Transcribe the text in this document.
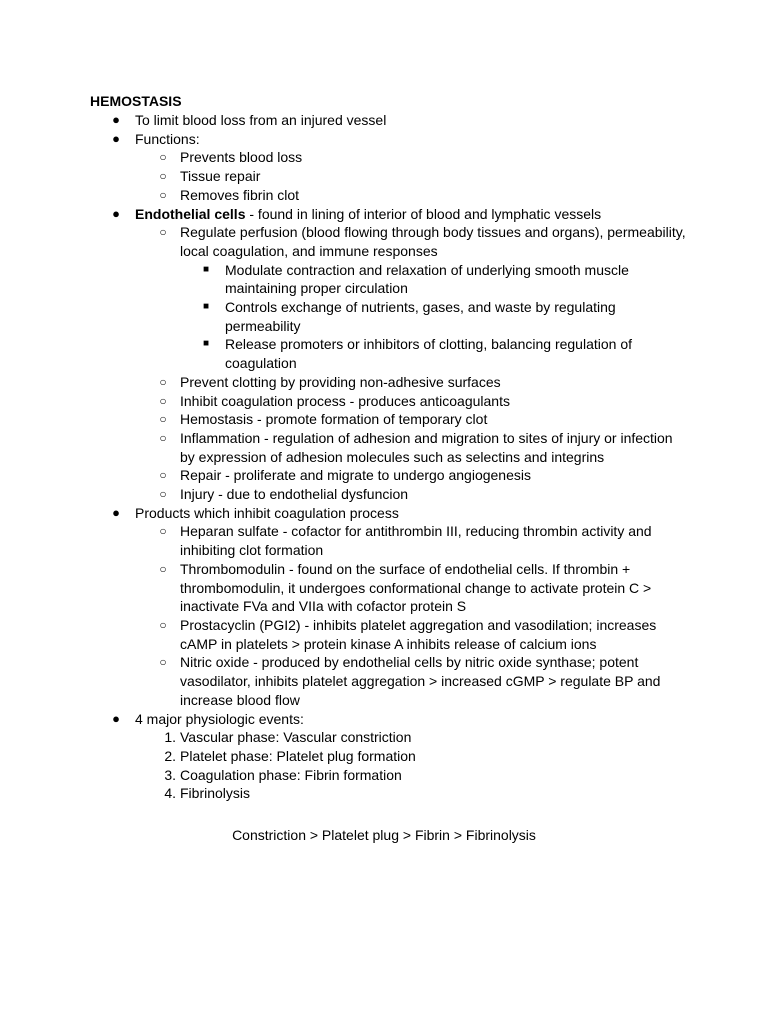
HEMOSTASIS
●	To limit blood loss from an injured vessel
●	Functions:
○ Prevents blood loss
○ Tissue repair
○ Removes fibrin clot
●	Endothelial cells - found in lining of interior of blood and lymphatic vessels
○ Regulate perfusion (blood flowing through body tissues and organs), permeability, local coagulation, and immune responses
■	Modulate contraction and relaxation of underlying smooth muscle maintaining proper circulation
■	Controls exchange of nutrients, gases, and waste by regulating permeability
■	Release promoters or inhibitors of clotting, balancing regulation of coagulation
○ Prevent clotting by providing non-adhesive surfaces
○ Inhibit coagulation process - produces anticoagulants
○ Hemostasis - promote formation of temporary clot
○ Inflammation - regulation of adhesion and migration to sites of injury or infection by expression of adhesion molecules such as selectins and integrins
○ Repair - proliferate and migrate to undergo angiogenesis
○ Injury - due to endothelial dysfuncion
●	Products which inhibit coagulation process
○ Heparan sulfate - cofactor for antithrombin III, reducing thrombin activity and inhibiting clot formation
○ Thrombomodulin - found on the surface of endothelial cells. If thrombin + thrombomodulin, it undergoes conformational change to activate protein C > inactivate FVa and VIIa with cofactor protein S
○ Prostacyclin (PGI2) - inhibits platelet aggregation and vasodilation; increases cAMP in platelets > protein kinase A inhibits release of calcium ions
○ Nitric oxide - produced by endothelial cells by nitric oxide synthase; potent vasodilator, inhibits platelet aggregation > increased cGMP > regulate BP and increase blood flow
●	4 major physiologic events:
1. Vascular phase: Vascular constriction
2. Platelet phase: Platelet plug formation
3. Coagulation phase: Fibrin formation
4. Fibrinolysis
Constriction > Platelet plug > Fibrin > Fibrinolysis
